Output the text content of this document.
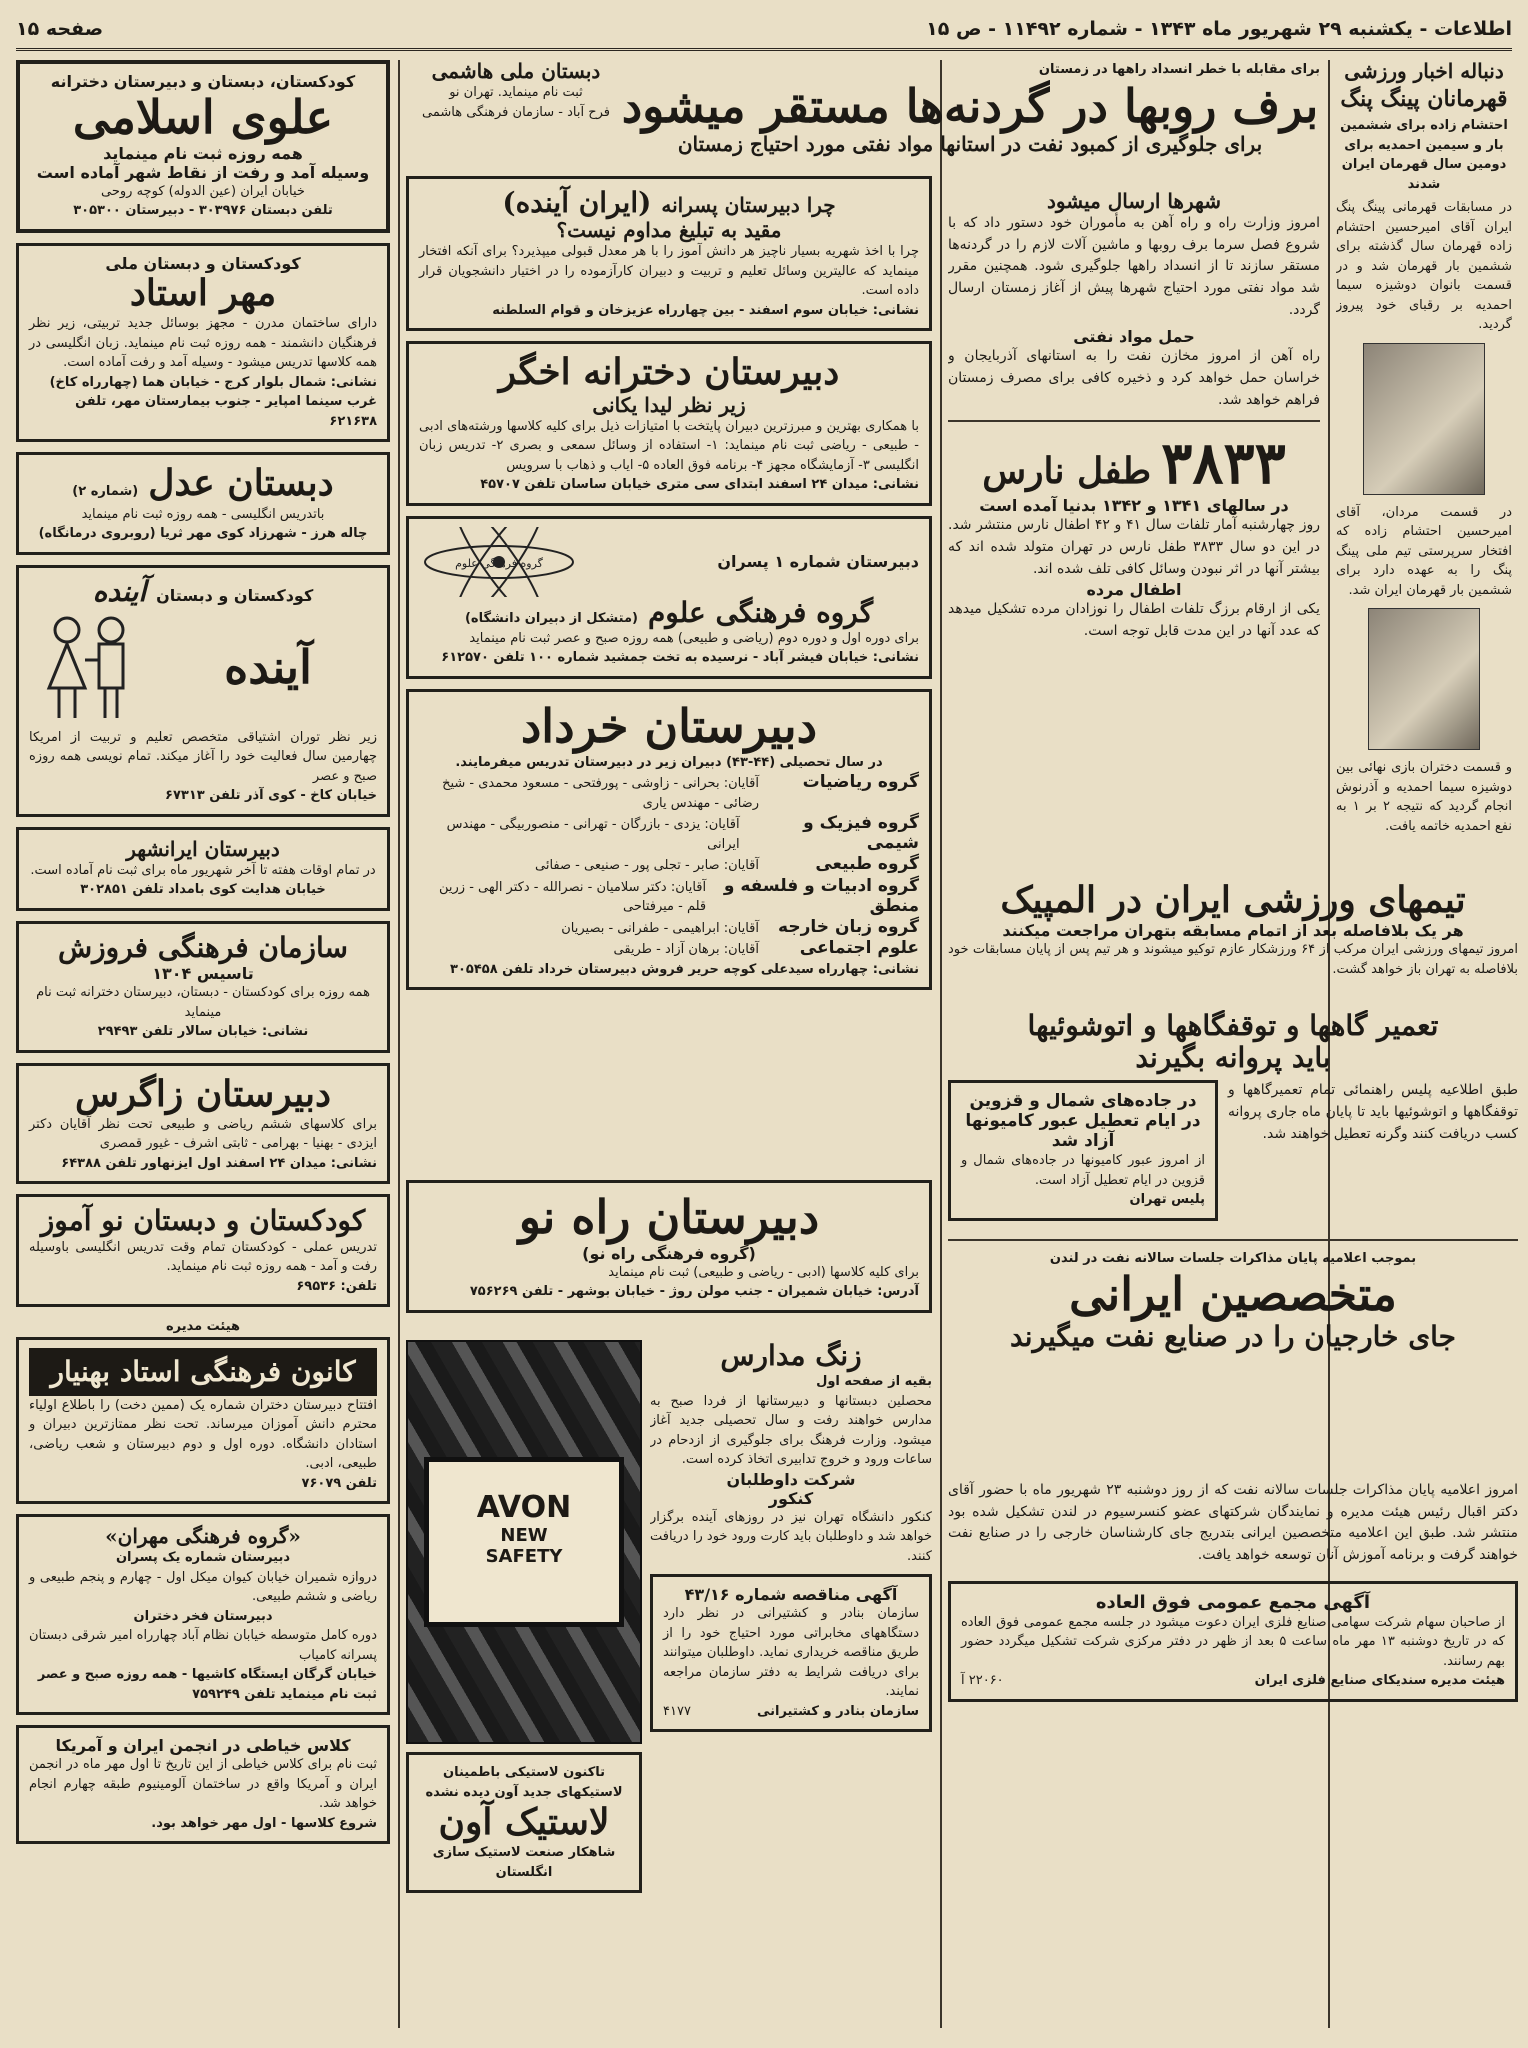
اطلاعات - یکشنبه ۲۹ شهریور ماه ۱۳۴۳ - شماره ۱۱۴۹۲ - ص ۱۵
صفحه ۱۵
دنباله اخبار ورزشی
قهرمانان پینگ پنگ
احتشام زاده برای ششمین بار و سیمین احمدیه برای دومین سال قهرمان ایران شدند
در مسابقات قهرمانی پینگ پنگ ایران آقای امیرحسین احتشام زاده قهرمان سال گذشته برای ششمین بار قهرمان شد و در قسمت بانوان دوشیزه سیما احمدیه بر رقبای خود پیروز گردید.
در قسمت مردان، آقای امیرحسین احتشام زاده که افتخار سرپرستی تیم ملی پینگ پنگ را به عهده دارد برای ششمین بار قهرمان ایران شد.
و قسمت دختران بازی نهائی بین دوشیزه سیما احمدیه و آذرنوش انجام گردید که نتیجه ۲ بر ۱ به نفع احمدیه خاتمه یافت.
برای مقابله با خطر انسداد راهها در زمستان
برف روبها در گردنه‌ها مستقر میشود
برای جلوگیری از کمبود نفت در استانها مواد نفتی مورد احتیاج زمستان
شهرها ارسال میشود
امروز وزارت راه و راه آهن به مأموران خود دستور داد که با شروع فصل سرما برف روبها و ماشین آلات لازم را در گردنه‌ها مستقر سازند تا از انسداد راهها جلوگیری شود. همچنین مقرر شد مواد نفتی مورد احتیاج شهرها پیش از آغاز زمستان ارسال گردد.
حمل مواد نفتی
راه آهن از امروز مخازن نفت را به استانهای آذربایجان و خراسان حمل خواهد کرد و ذخیره کافی برای مصرف زمستان فراهم خواهد شد.
۳۸۳۳
طفل نارس
در سالهای ۱۳۴۱ و ۱۳۴۲ بدنیا آمده است
روز چهارشنبه آمار تلفات سال ۴۱ و ۴۲ اطفال نارس منتشر شد. در این دو سال ۳۸۳۳ طفل نارس در تهران متولد شده اند که بیشتر آنها در اثر نبودن وسائل کافی تلف شده اند.
اطفال مرده
یکی از ارقام برزگ تلفات اطفال را نوزادان مرده تشکیل میدهد که عدد آنها در این مدت قابل توجه است.
تیمهای ورزشی ایران در المپیک
هر یک بلافاصله بعد از اتمام مسابقه بتهران مراجعت میکنند
امروز تیمهای ورزشی ایران مرکب از ۶۴ ورزشکار عازم توکیو میشوند و هر تیم پس از پایان مسابقات خود بلافاصله به تهران باز خواهد گشت.
تعمیر گاهها و توقفگاهها و اتوشوئیها
باید پروانه بگیرند
طبق اطلاعیه پلیس راهنمائی تمام تعمیرگاهها و توقفگاهها و اتوشوئیها باید تا پایان ماه جاری پروانه کسب دریافت کنند وگرنه تعطیل خواهند شد.
در جاده‌های شمال و قزوین در ایام تعطیل عبور کامیونها آزاد شد
از امروز عبور کامیونها در جاده‌های شمال و قزوین در ایام تعطیل آزاد است.
پلیس تهران
بموجب اعلامیه پایان مذاکرات جلسات سالانه نفت در لندن
متخصصین ایرانی
جای خارجیان را در صنایع نفت میگیرند
امروز اعلامیه پایان مذاکرات جلسات سالانه نفت که از روز دوشنبه ۲۳ شهریور ماه با حضور آقای دکتر اقبال رئیس هیئت مدیره و نمایندگان شرکتهای عضو کنسرسیوم در لندن تشکیل شده بود منتشر شد. طبق این اعلامیه متخصصین ایرانی بتدریج جای کارشناسان خارجی را در صنایع نفت خواهند گرفت و برنامه آموزش آنان توسعه خواهد یافت.
آگهی مجمع عمومی فوق العاده
از صاحبان سهام شرکت سهامی صنایع فلزی ایران دعوت میشود در جلسه مجمع عمومی فوق العاده که در تاریخ دوشنبه ۱۳ مهر ماه ساعت ۵ بعد از ظهر در دفتر مرکزی شرکت تشکیل میگردد حضور بهم رسانند.
هیئت مدیره سندیکای صنایع فلزی ایران
۲۲۰۶۰ آ
چرا دبیرستان پسرانه
(ایران آینده)
مقید به تبلیغ مداوم نیست؟
چرا با اخذ شهریه بسیار ناچیز هر دانش آموز را با هر معدل قبولی میپذیرد؟ برای آنکه افتخار مینماید که عالیترین وسائل تعلیم و تربیت و دبیران کارآزموده را در اختیار دانشجویان قرار داده است.
نشانی: خیابان سوم اسفند - بین چهارراه عزیزخان و قوام السلطنه
دبیرستان دخترانه اخگر
زیر نظر لیدا یکانی
با همکاری بهترین و مبرزترین دبیران پایتخت با امتیازات ذیل برای کلیه کلاسها ورشته‌های ادبی - طبیعی - ریاضی ثبت نام مینماید: ۱- استفاده از وسائل سمعی و بصری ۲- تدریس زبان انگلیسی ۳- آزمایشگاه مجهز ۴- برنامه فوق العاده ۵- ایاب و ذهاب با سرویس
نشانی: میدان ۲۴ اسفند ابتدای سی متری خیابان ساسان تلفن ۴۵۷۰۷
دبیرستان شماره ۱ پسران
گروه فرهنگی علوم
گروه فرهنگی علوم
(متشکل از دبیران دانشگاه)
برای دوره اول و دوره دوم (ریاضی و طبیعی) همه روزه صبح و عصر ثبت نام مینماید
نشانی: خیابان فیشر آباد - نرسیده به تخت جمشید شماره ۱۰۰ تلفن ۶۱۲۵۷۰
دبیرستان خرداد
در سال تحصیلی (۴۴-۴۳) دبیران زیر در دبیرستان تدریس میفرمایند.
گروه ریاضیات
آقایان: بحرانی - زاوشی - پورفتحی - مسعود محمدی - شیخ رضائی - مهندس یاری
گروه فیزیک و شیمی
آقایان: یزدی - بازرگان - تهرانی - منصوربیگی - مهندس ایرانی
گروه طبیعی
آقایان: صابر - تجلی پور - صنیعی - صفائی
گروه ادبیات و فلسفه و منطق
آقایان: دکتر سلامیان - نصرالله - دکتر الهی - زرین قلم - میرفتاحی
گروه زبان خارجه
آقایان: ابراهیمی - طفرانی - بصیریان
علوم اجتماعی
آقایان: برهان آزاد - طریقی
نشانی: چهارراه سیدعلی کوچه حریر فروش دبیرستان خرداد تلفن ۳۰۵۴۵۸
دبیرستان راه نو
(گروه فرهنگی راه نو)
برای کلیه کلاسها (ادبی - ریاضی و طبیعی) ثبت نام مینماید
آدرس: خیابان شمیران - جنب مولن روژ - خیابان بوشهر - تلفن ۷۵۶۲۶۹
زنگ مدارس
بقیه از صفحه اول
محصلین دبستانها و دبیرستانها از فردا صبح به مدارس خواهند رفت و سال تحصیلی جدید آغاز میشود. وزارت فرهنگ برای جلوگیری از ازدحام در ساعات ورود و خروج تدابیری اتخاذ کرده است.
شرکت داوطلبان
کنکور
کنکور دانشگاه تهران نیز در روزهای آینده برگزار خواهد شد و داوطلبان باید کارت ورود خود را دریافت کنند.
آگهی مناقصه شماره ۴۳/۱۶
سازمان بنادر و کشتیرانی در نظر دارد دستگاههای مخابراتی مورد احتیاج خود را از طریق مناقصه خریداری نماید. داوطلبان میتوانند برای دریافت شرایط به دفتر سازمان مراجعه نمایند.
سازمان بنادر و کشتیرانی
۴۱۷۷
AVON
NEW
SAFETY
تاکنون لاستیکی باطمینان لاستیکهای جدید آون دیده نشده
لاستیک آون
شاهکار صنعت لاستیک سازی انگلستان
دبستان ملی هاشمی
ثبت نام مینماید. تهران نو
فرح آباد - سازمان فرهنگی هاشمی
کودکستان، دبستان و دبیرستان دخترانه
علوی اسلامی
همه روزه ثبت نام مینماید
وسیله آمد و رفت از نقاط شهر آماده است
خیابان ایران (عین الدوله) کوچه روحی
تلفن دبستان ۳۰۳۹۷۶ - دبیرستان ۳۰۵۳۰۰
کودکستان و دبستان ملی
مهر استاد
دارای ساختمان مدرن - مجهز بوسائل جدید تربیتی، زیر نظر فرهنگیان دانشمند - همه روزه ثبت نام مینماید. زبان انگلیسی در همه کلاسها تدریس میشود - وسیله آمد و رفت آماده است.
نشانی: شمال بلوار کرج - خیابان هما (چهارراه کاخ) غرب سینما امپایر - جنوب بیمارستان مهر، تلفن ۶۲۱۶۳۸
دبستان عدل
(شماره ۲)
باتدریس انگلیسی - همه روزه ثبت نام مینماید
چاله هرز - شهرزاد کوی مهر ثریا (روبروی درمانگاه)
کودکستان و دبستان
آینده
آینده
زیر نظر توران اشتیاقی متخصص تعلیم و تربیت از امریکا چهارمین سال فعالیت خود را آغاز میکند. تمام نویسی همه روزه صبح و عصر
خیابان کاخ - کوی آذر تلفن ۶۷۳۱۳
دبیرستان ایرانشهر
در تمام اوقات هفته تا آخر شهریور ماه برای ثبت نام آماده است.
خیابان هدایت کوی بامداد تلفن ۳۰۲۸۵۱
سازمان فرهنگی فروزش
تاسیس ۱۳۰۴
همه روزه برای کودکستان - دبستان، دبیرستان دخترانه ثبت نام مینماید
نشانی: خیابان سالار تلفن ۲۹۴۹۳
دبیرستان زاگرس
برای کلاسهای ششم ریاضی و طبیعی تحت نظر آقایان دکتر ایزدی - بهنیا - بهرامی - ثابتی اشرف - غیور قمصری
نشانی: میدان ۲۴ اسفند اول ایزنهاور تلفن ۶۴۳۸۸
کودکستان و دبستان نو آموز
تدریس عملی - کودکستان تمام وقت تدریس انگلیسی باوسیله رفت و آمد - همه روزه ثبت نام مینماید.
تلفن: ۶۹۵۳۶
هیئت مدیره
کانون فرهنگی استاد بهنیار
افتتاح دبیرستان دختران شماره یک (ممین دخت) را باطلاع اولیاء محترم دانش آموزان میرساند. تحت نظر ممتازترین دبیران و استادان دانشگاه. دوره اول و دوم دبیرستان و شعب ریاضی، طبیعی، ادبی.
تلفن ۷۶۰۷۹
«گروه فرهنگی مهران»
دبیرستان شماره یک پسران
دروازه شمیران خیابان کیوان میکل اول - چهارم و پنجم طبیعی و ریاضی و ششم طبیعی.
دبیرستان فخر دختران
دوره کامل متوسطه خیابان نظام آباد چهارراه امیر شرقی دبستان پسرانه کامیاب
خیابان گرگان ایستگاه کاشیها - همه روزه صبح و عصر ثبت نام مینماید تلفن ۷۵۹۲۴۹
کلاس خیاطی در انجمن ایران و آمریکا
ثبت نام برای کلاس خیاطی از این تاریخ تا اول مهر ماه در انجمن ایران و آمریکا واقع در ساختمان آلومینیوم طبقه چهارم انجام خواهد شد.
شروع کلاسها - اول مهر خواهد بود.
